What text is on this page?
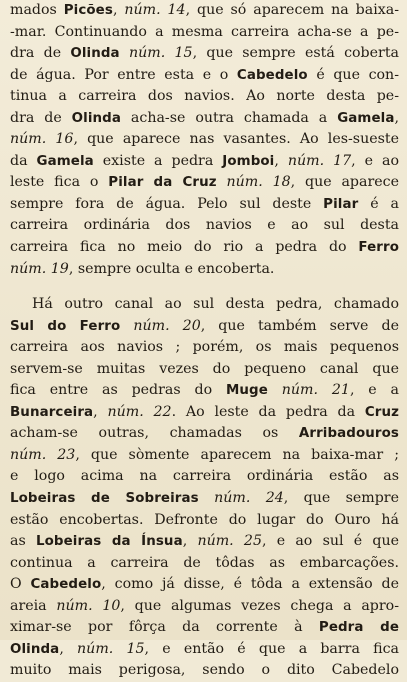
mados Picões, núm. 14, que só aparecem na baixa-
-mar. Continuando a mesma carreira acha-se a pe-
dra de Olinda núm. 15, que sempre está coberta
de água. Por entre esta e o Cabedelo é que con-
tinua a carreira dos navios. Ao norte desta pe-
dra de Olinda acha-se outra chamada a Gamela,
núm. 16, que aparece nas vasantes. Ao les-sueste
da Gamela existe a pedra Jomboi, núm. 17, e ao
leste fica o Pilar da Cruz núm. 18, que aparece
sempre fora de água. Pelo sul deste Pilar é a
carreira ordinária dos navios e ao sul desta
carreira fica no meio do rio a pedra do Ferro
núm. 19, sempre oculta e encoberta.
Há outro canal ao sul desta pedra, chamado
Sul do Ferro núm. 20, que também serve de
carreira aos navios ; porém, os mais pequenos
servem-se muitas vezes do pequeno canal que
fica entre as pedras do Muge núm. 21, e a
Bunarceira, núm. 22. Ao leste da pedra da Cruz
acham-se outras, chamadas os Arribadouros
núm. 23, que sòmente aparecem na baixa-mar ;
e logo acima na carreira ordinária estão as
Lobeiras de Sobreiras núm. 24, que sempre
estão encobertas. Defronte do lugar do Ouro há
as Lobeiras da Ínsua, núm. 25, e ao sul é que
continua a carreira de tôdas as embarcações.
O Cabedelo, como já disse, é tôda a extensão de
areia núm. 10, que algumas vezes chega a apro-
ximar-se por fôrça da corrente à Pedra de
Olinda, núm. 15, e então é que a barra fica
muito mais perigosa, sendo o dito Cabedelo
